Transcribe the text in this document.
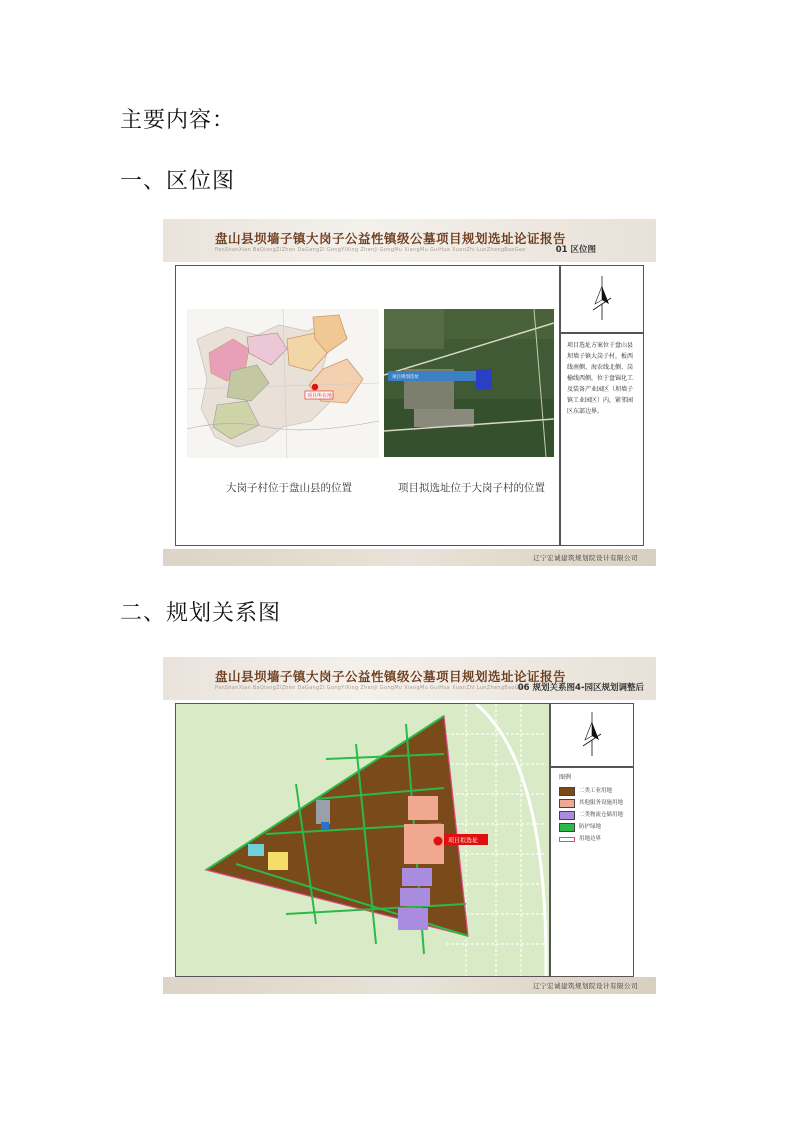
主要内容：
一、区位图
二、规划关系图
盘山县坝墙子镇大岗子公益性镇级公墓项目规划选址论证报告
PanShanXian BaQiangZiZhen DaGangZi GongYiXing ZhenJi GongMu XiangMu GuiHua XuanZhi LunZhengBaoGao	01 区位图
项目所在地
项目规划选址
大岗子村位于盘山县的位置	项目拟选址位于大岗子村的位置
项目选址方案位于盘山县坝墙子镇大岗子村，板西线南侧、海农线北侧、岗榆线西侧，位于盘锦化工及装备产业园区（坝墙子镇工业园区）内，紧邻园区东部边界。
辽宁宏诚建筑规划院设计有限公司
盘山县坝墙子镇大岗子公益性镇级公墓项目规划选址论证报告
PanShanXian BaQiangZiZhen DaGangZi GongYiXing ZhenJi GongMu XiangMu GuiHua XuanZhi LunZhengBaoGao
06 规划关系图4-园区规划调整后
项目拟选址
图例
二类工业用地
其他服务设施用地
二类物流仓储用地
防护绿地
用地边界
辽宁宏诚建筑规划院设计有限公司
